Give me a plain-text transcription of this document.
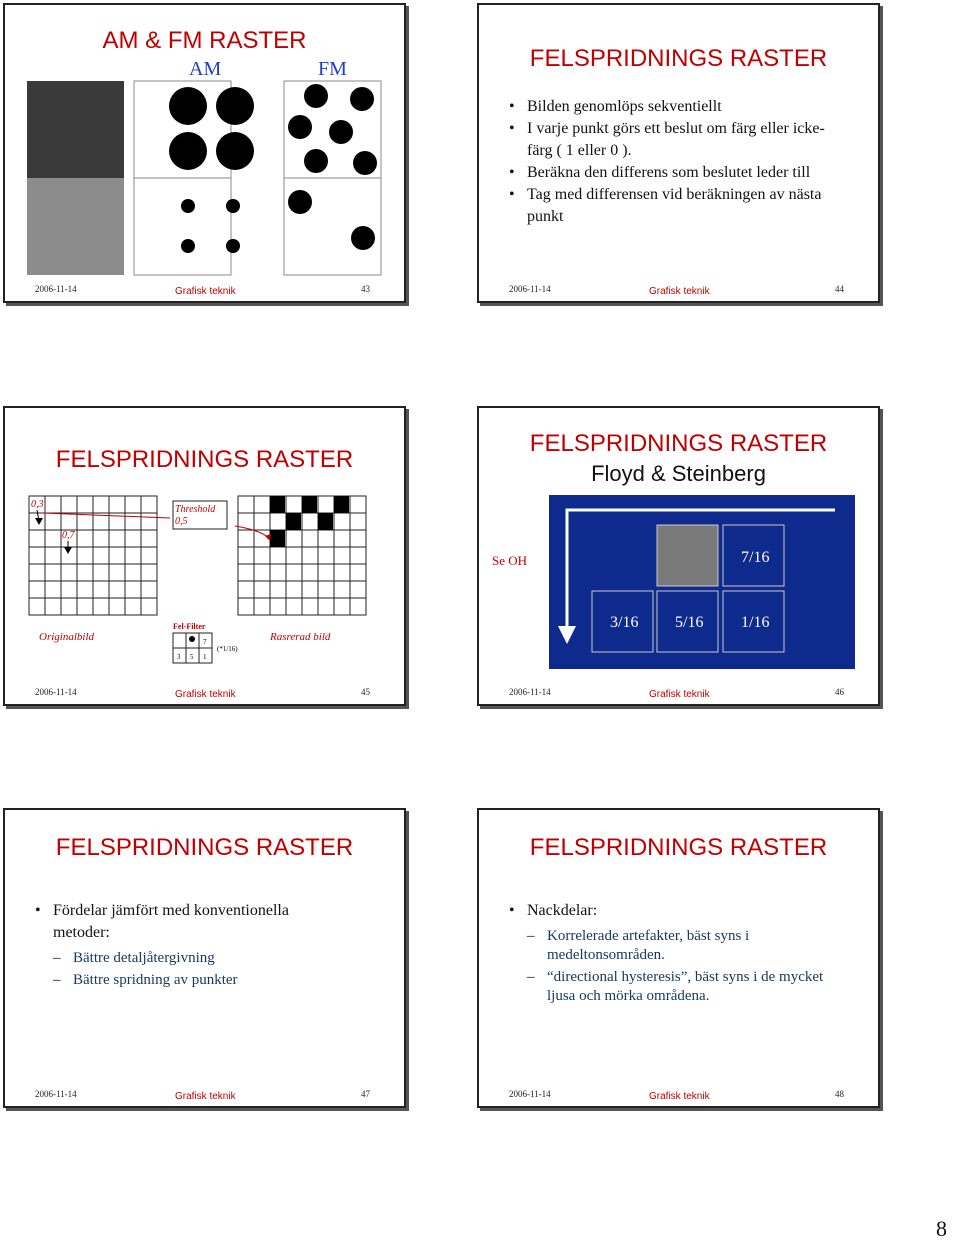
AM & FM RASTER
AM	FM
2006-11-14	Grafisk teknik	43
FELSPRIDNINGS RASTER
• Bilden genomlöps sekventiellt
• I varje punkt görs ett beslut om färg eller icke-färg ( 1 eller 0 ).
• Beräkna den differens som beslutet leder till
• Tag med differensen vid beräkningen av nästa punkt
2006-11-14	Grafisk teknik	44
FELSPRIDNINGS RASTER
Threshold
0,5
0,3
0,7
Originalbild
Fel-Filter
7
3 5 1
(*1/16)
Rasrerad bild
2006-11-14	Grafisk teknik	45
FELSPRIDNINGS RASTER
Floyd & Steinberg
7/16
3/16 5/16 1/16
Se OH
2006-11-14	Grafisk teknik	46
FELSPRIDNINGS RASTER
• Fördelar jämfört med konventionella metoder:
– Bättre detaljåtergivning
– Bättre spridning av punkter
2006-11-14	Grafisk teknik	47
FELSPRIDNINGS RASTER
• Nackdelar:
– Korrelerade artefakter, bäst syns i medeltonsområden.
– “directional hysteresis”, bäst syns i de mycket ljusa och mörka områdena.
2006-11-14	Grafisk teknik	48
8
